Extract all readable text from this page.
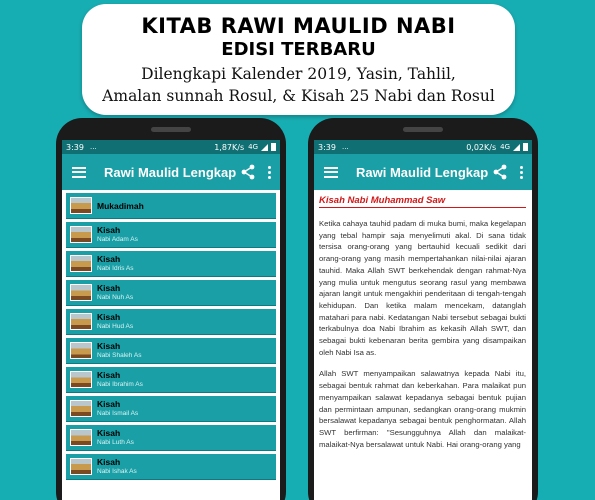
KITAB RAWI MAULID NABI
EDISI TERBARU
Dilengkapi Kalender 2019, Yasin, Tahlil,
Amalan sunnah Rosul, & Kisah 25 Nabi dan Rosul
3:39 ...	1,87K/s 4G
Rawi Maulid Lengkap
Mukadimah
Kisah
Nabi Adam As
Kisah
Nabi Idris As
Kisah
Nabi Nuh As
Kisah
Nabi Hud As
Kisah
Nabi Shaleh As
Kisah
Nabi Ibrahim As
Kisah
Nabi Ismail As
Kisah
Nabi Luth As
Kisah
Nabi Ishak As
3:39 ...	0,02K/s 4G
Rawi Maulid Lengkap
Kisah Nabi Muhammad Saw

Ketika cahaya tauhid padam di muka bumi, maka kegelapan yang tebal hampir saja menyelimuti akal. Di sana tidak tersisa orang-orang yang bertauhid kecuali sedikit dari orang-orang yang masih mempertahankan nilai-nilai ajaran tauhid. Maka Allah SWT berkehendak dengan rahmat-Nya yang mulia untuk mengutus seorang rasul yang membawa ajaran langit untuk mengakhiri penderitaan di tengah-tengah kehidupan. Dan ketika malam mencekam, datanglah matahari para nabi. Kedatangan Nabi tersebut sebagai bukti terkabulnya doa Nabi Ibrahim as kekasih Allah SWT, dan sebagai bukti kebenaran berita gembira yang disampaikan oleh Nabi Isa as.

Allah SWT menyampaikan salawatnya kepada Nabi itu, sebagai bentuk rahmat dan keberkahan. Para malaikat pun menyampaikan salawat kepadanya sebagai bentuk pujian dan permintaan ampunan, sedangkan orang-orang mukmin bersalawat kepadanya sebagai bentuk penghormatan. Allah SWT berfirman: "Sesungguhnya Allah dan malaikat-malaikat-Nya bersalawat untuk Nabi. Hai orang-orang yang
